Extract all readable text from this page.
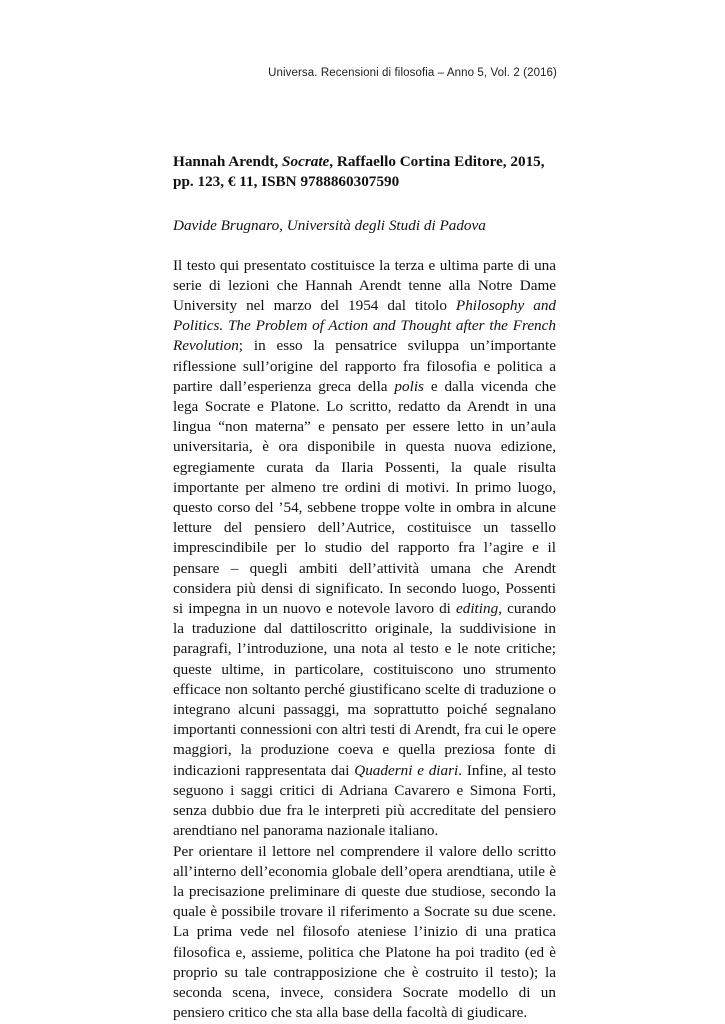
Universa. Recensioni di filosofia – Anno 5, Vol. 2 (2016)

Hannah Arendt, Socrate, Raffaello Cortina Editore, 2015, pp. 123, € 11, ISBN 9788860307590

Davide Brugnaro, Università degli Studi di Padova

Il testo qui presentato costituisce la terza e ultima parte di una serie di lezioni che Hannah Arendt tenne alla Notre Dame University nel marzo del 1954 dal titolo Philosophy and Politics. The Problem of Action and Thought after the French Revolution; in esso la pensatrice sviluppa un’importante riflessione sull’origine del rapporto fra filosofia e politica a partire dall’esperienza greca della polis e dalla vicenda che lega Socrate e Platone. Lo scritto, redatto da Arendt in una lingua “non materna” e pensato per essere letto in un’aula universitaria, è ora disponibile in questa nuova edizione, egregiamente curata da Ilaria Possenti, la quale risulta importante per almeno tre ordini di motivi. In primo luogo, questo corso del ’54, sebbene troppe volte in ombra in alcune letture del pensiero dell’Autrice, costituisce un tassello imprescindibile per lo studio del rapporto fra l’agire e il pensare – quegli ambiti dell’attività umana che Arendt considera più densi di significato. In secondo luogo, Possenti si impegna in un nuovo e notevole lavoro di editing, curando la traduzione dal dattiloscritto originale, la suddivisione in paragrafi, l’introduzione, una nota al testo e le note critiche; queste ultime, in particolare, costituiscono uno strumento efficace non soltanto perché giustificano scelte di traduzione o integrano alcuni passaggi, ma soprattutto poiché segnalano importanti connessioni con altri testi di Arendt, fra cui le opere maggiori, la produzione coeva e quella preziosa fonte di indicazioni rappresentata dai Quaderni e diari. Infine, al testo seguono i saggi critici di Adriana Cavarero e Simona Forti, senza dubbio due fra le interpreti più accreditate del pensiero arendtiano nel panorama nazionale italiano.

Per orientare il lettore nel comprendere il valore dello scritto all’interno dell’economia globale dell’opera arendtiana, utile è la precisazione preliminare di queste due studiose, secondo la quale è possibile trovare il riferimento a Socrate su due scene. La prima vede nel filosofo ateniese l’inizio di una pratica filosofica e, assieme, politica che Platone ha poi tradito (ed è proprio su tale contrapposizione che è costruito il testo); la seconda scena, invece, considera Socrate modello di un pensiero critico che sta alla base della facoltà di giudicare.
